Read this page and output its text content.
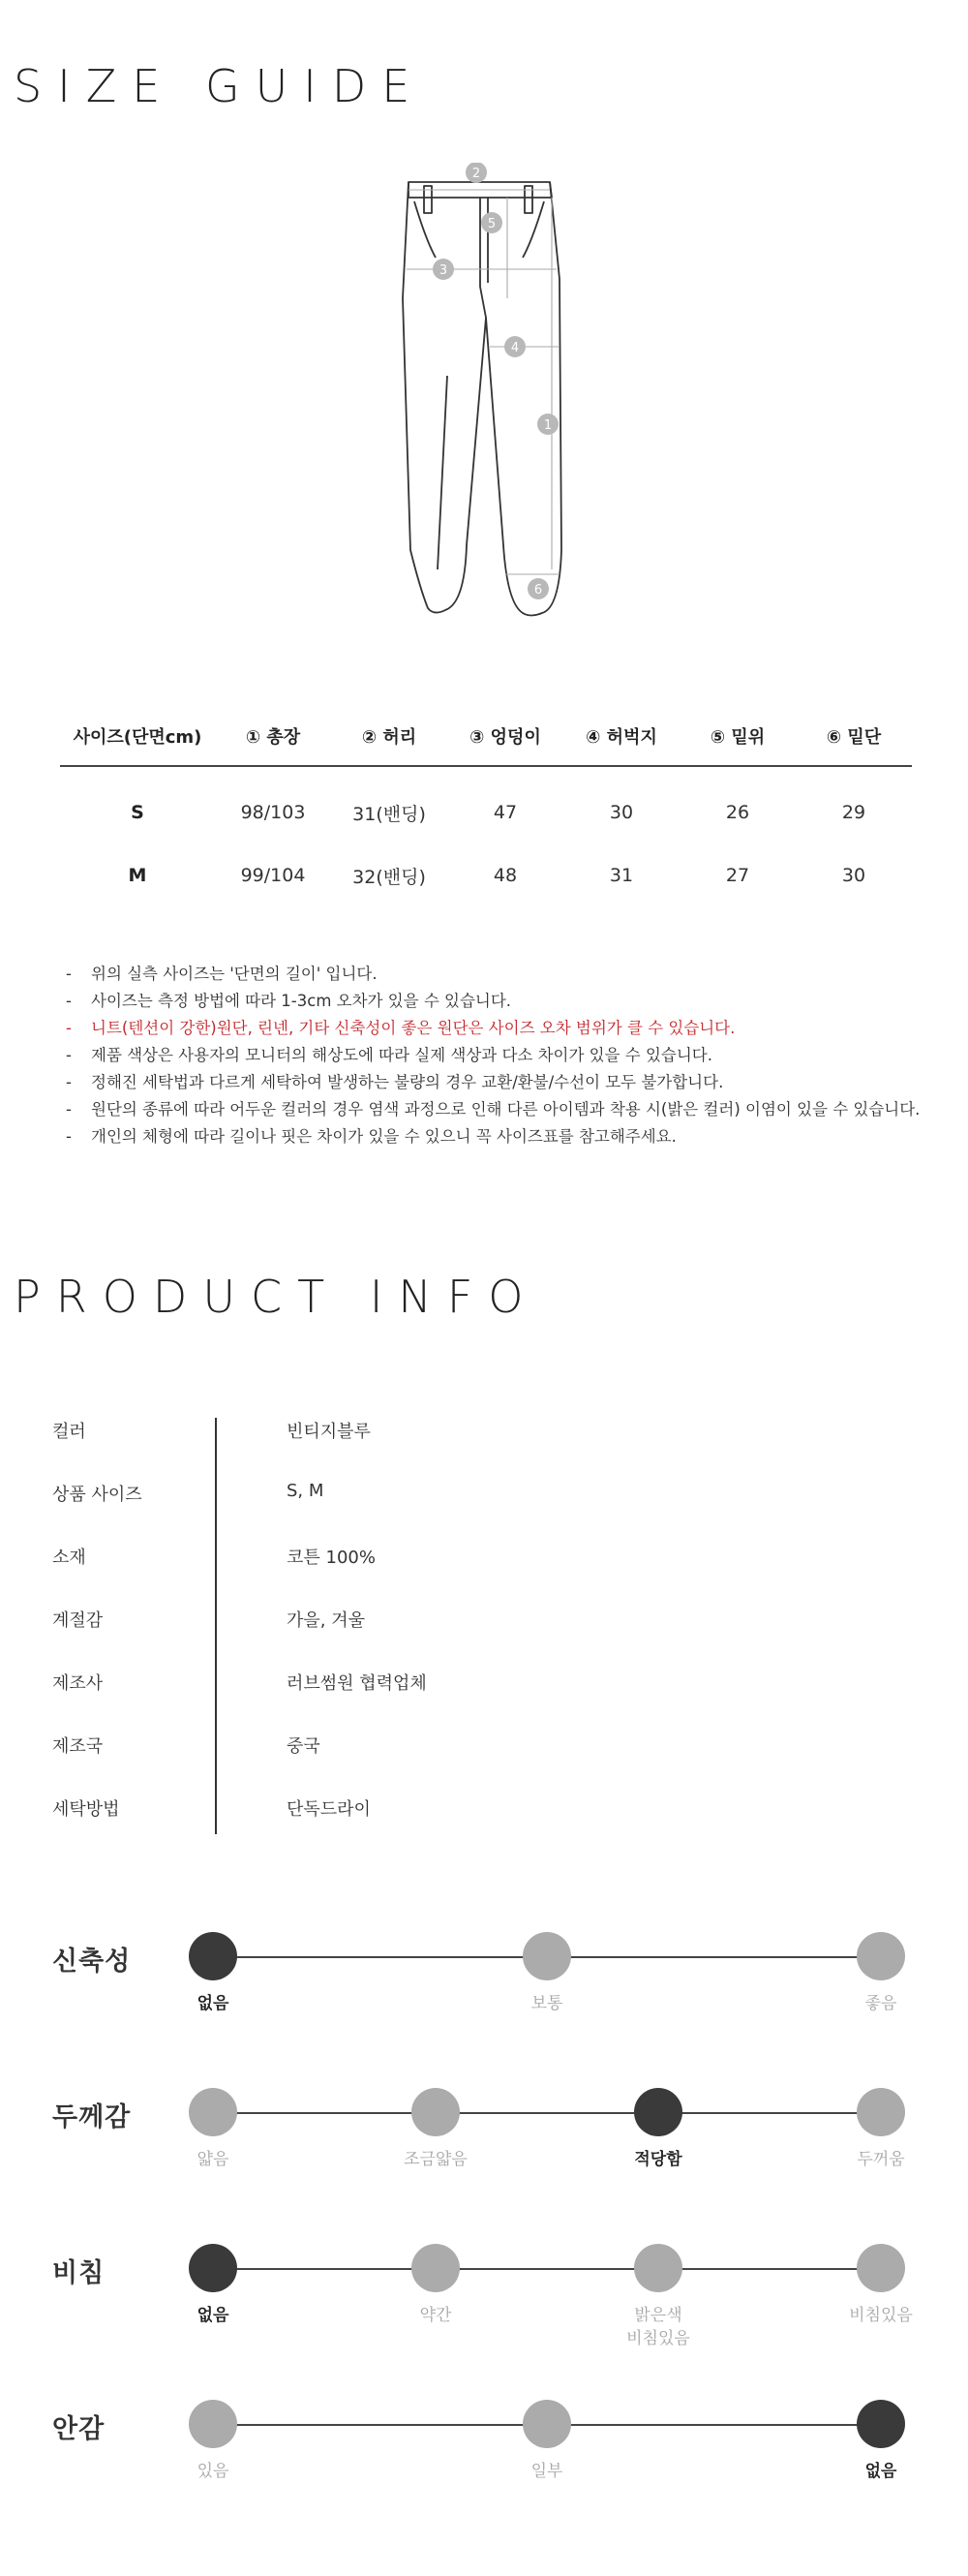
SIZE GUIDE
1
2
3
4
5
6
사이즈(단면cm)	① 총장	② 허리	③ 엉덩이	④ 허벅지	⑤ 밑위	⑥ 밑단
S	98/103	31(밴딩)	47	30	26	29
M	99/104	32(밴딩)	48	31	27	30
- 위의 실측 사이즈는 '단면의 길이' 입니다.
- 사이즈는 측정 방법에 따라 1-3cm 오차가 있을 수 있습니다.
- 니트(텐션이 강한)원단, 린넨, 기타 신축성이 좋은 원단은 사이즈 오차 범위가 클 수 있습니다.
- 제품 색상은 사용자의 모니터의 해상도에 따라 실제 색상과 다소 차이가 있을 수 있습니다.
- 정해진 세탁법과 다르게 세탁하여 발생하는 불량의 경우 교환/환불/수선이 모두 불가합니다.
- 원단의 종류에 따라 어두운 컬러의 경우 염색 과정으로 인해 다른 아이템과 착용 시(밝은 컬러) 이염이 있을 수 있습니다.
- 개인의 체형에 따라 길이나 핏은 차이가 있을 수 있으니 꼭 사이즈표를 참고해주세요.
PRODUCT INFO
컬러	빈티지블루
상품 사이즈	S, M
소재	코튼 100%
계절감	가을, 겨울
제조사	러브썸원 협력업체
제조국	중국
세탁방법	단독드라이
신축성
없음	보통	좋음
두께감
얇음	조금얇음	적당함	두꺼움
비침
없음	약간	밝은색
비침있음
비침있음
안감
있음	일부	없음
